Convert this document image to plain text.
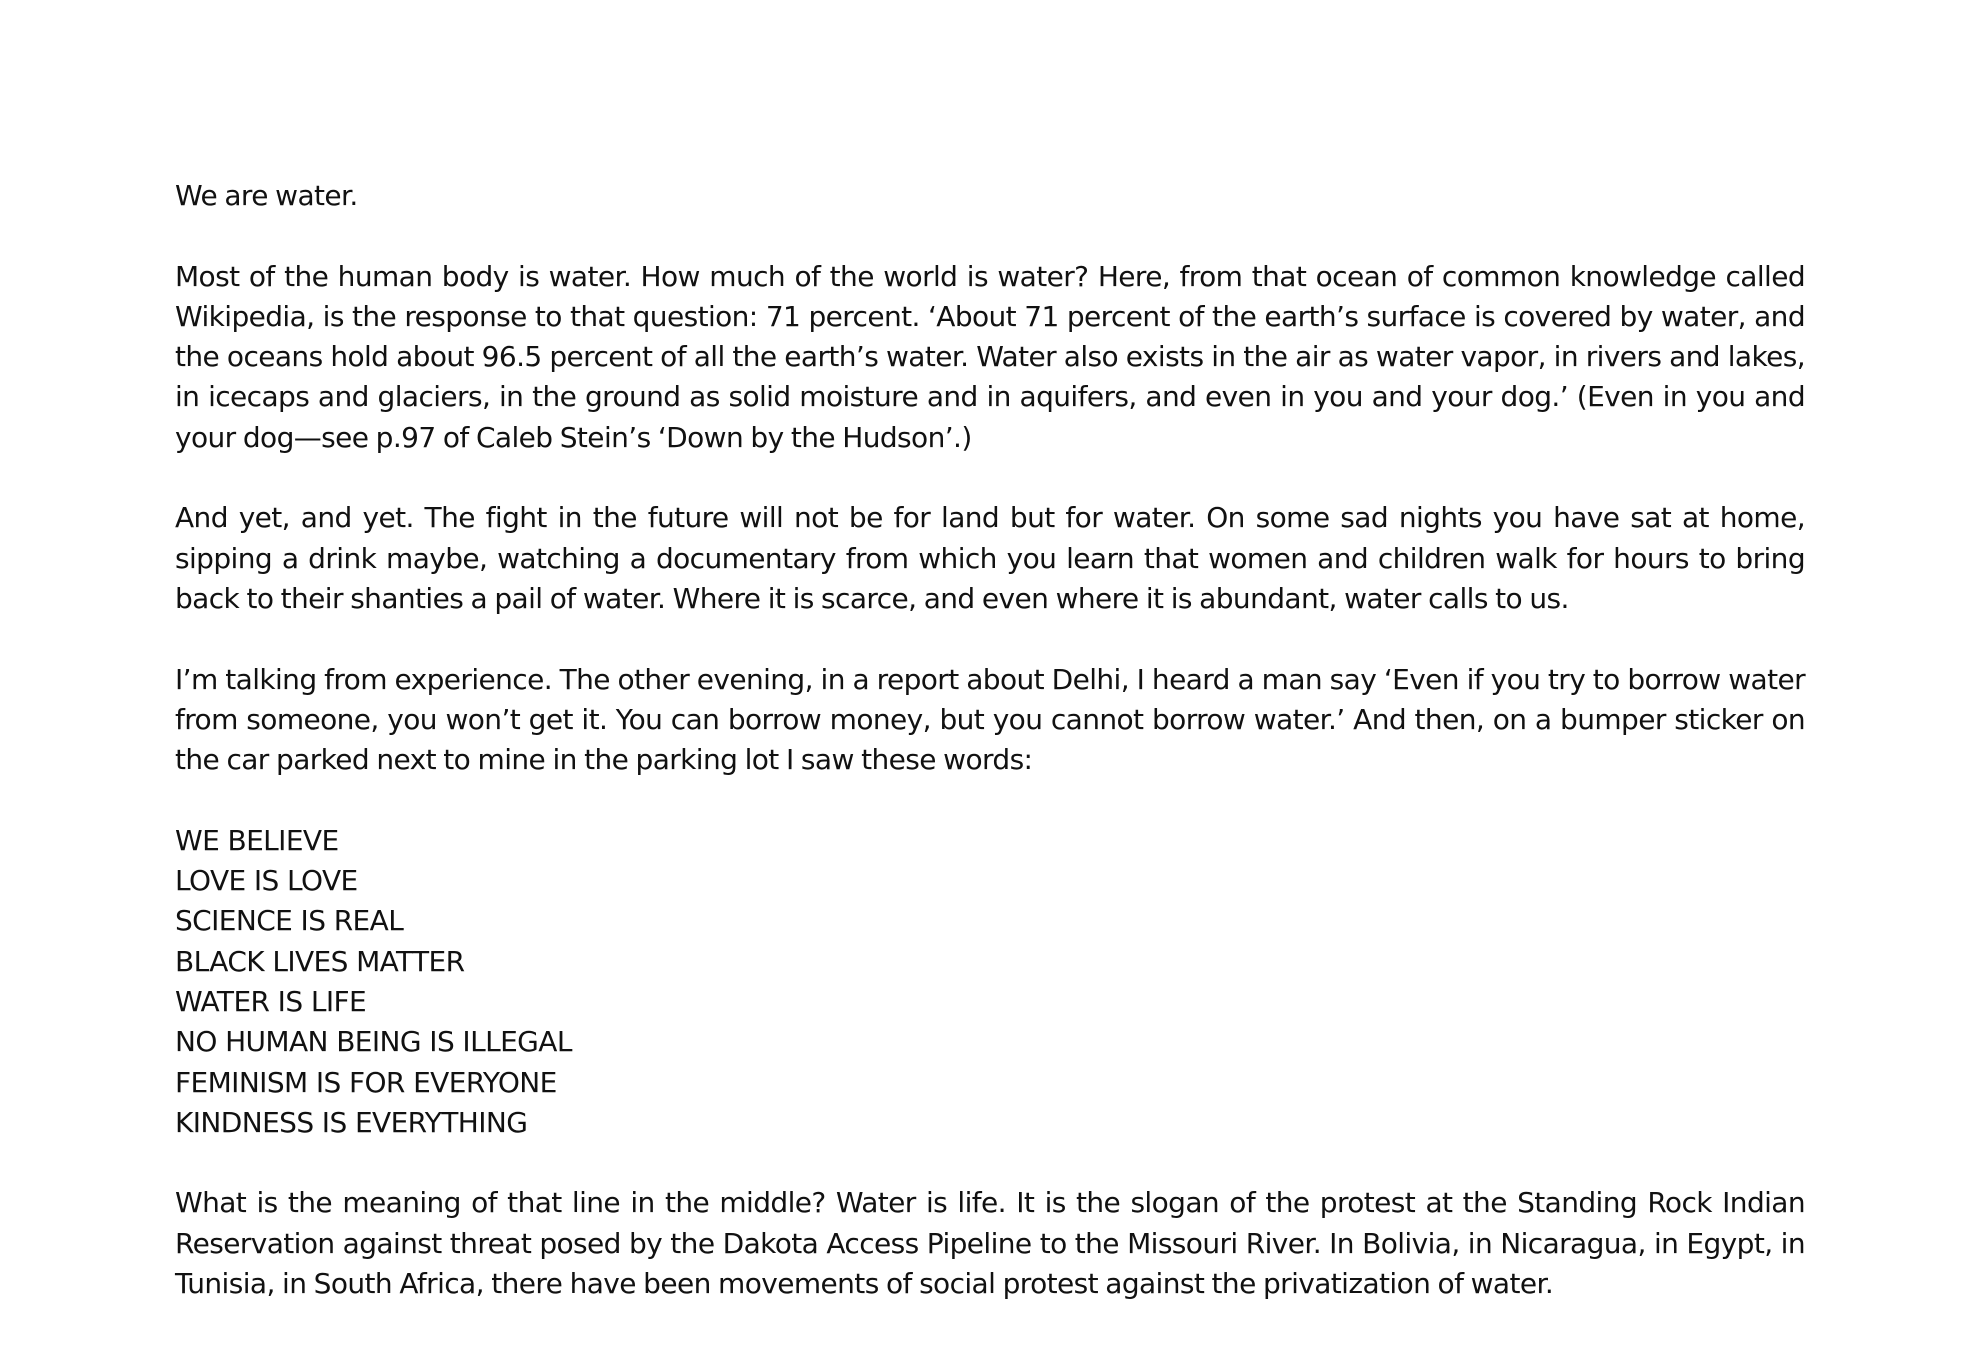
We are water.

Most of the human body is water. How much of the world is water? Here, from that ocean of common knowledge called Wikipedia, is the response to that question: 71 percent. ‘About 71 percent of the earth’s surface is covered by water, and the oceans hold about 96.5 percent of all the earth’s water. Water also exists in the air as water vapor, in rivers and lakes, in icecaps and glaciers, in the ground as solid moisture and in aquifers, and even in you and your dog.’ (Even in you and your dog—see p.97 of Caleb Stein’s ‘Down by the Hudson’.)

And yet, and yet. The fight in the future will not be for land but for water. On some sad nights you have sat at home, sipping a drink maybe, watching a documentary from which you learn that women and children walk for hours to bring back to their shanties a pail of water. Where it is scarce, and even where it is abundant, water calls to us.

I’m talking from experience. The other evening, in a report about Delhi, I heard a man say ‘Even if you try to borrow water from someone, you won’t get it. You can borrow money, but you cannot borrow water.’ And then, on a bumper sticker on the car parked next to mine in the parking lot I saw these words:

WE BELIEVE
LOVE IS LOVE
SCIENCE IS REAL
BLACK LIVES MATTER
WATER IS LIFE
NO HUMAN BEING IS ILLEGAL
FEMINISM IS FOR EVERYONE
KINDNESS IS EVERYTHING

What is the meaning of that line in the middle? Water is life. It is the slogan of the protest at the Standing Rock Indian Reservation against threat posed by the Dakota Access Pipeline to the Missouri River. In Bolivia, in Nicaragua, in Egypt, in Tunisia, in South Africa, there have been movements of social protest against the privatization of water.
